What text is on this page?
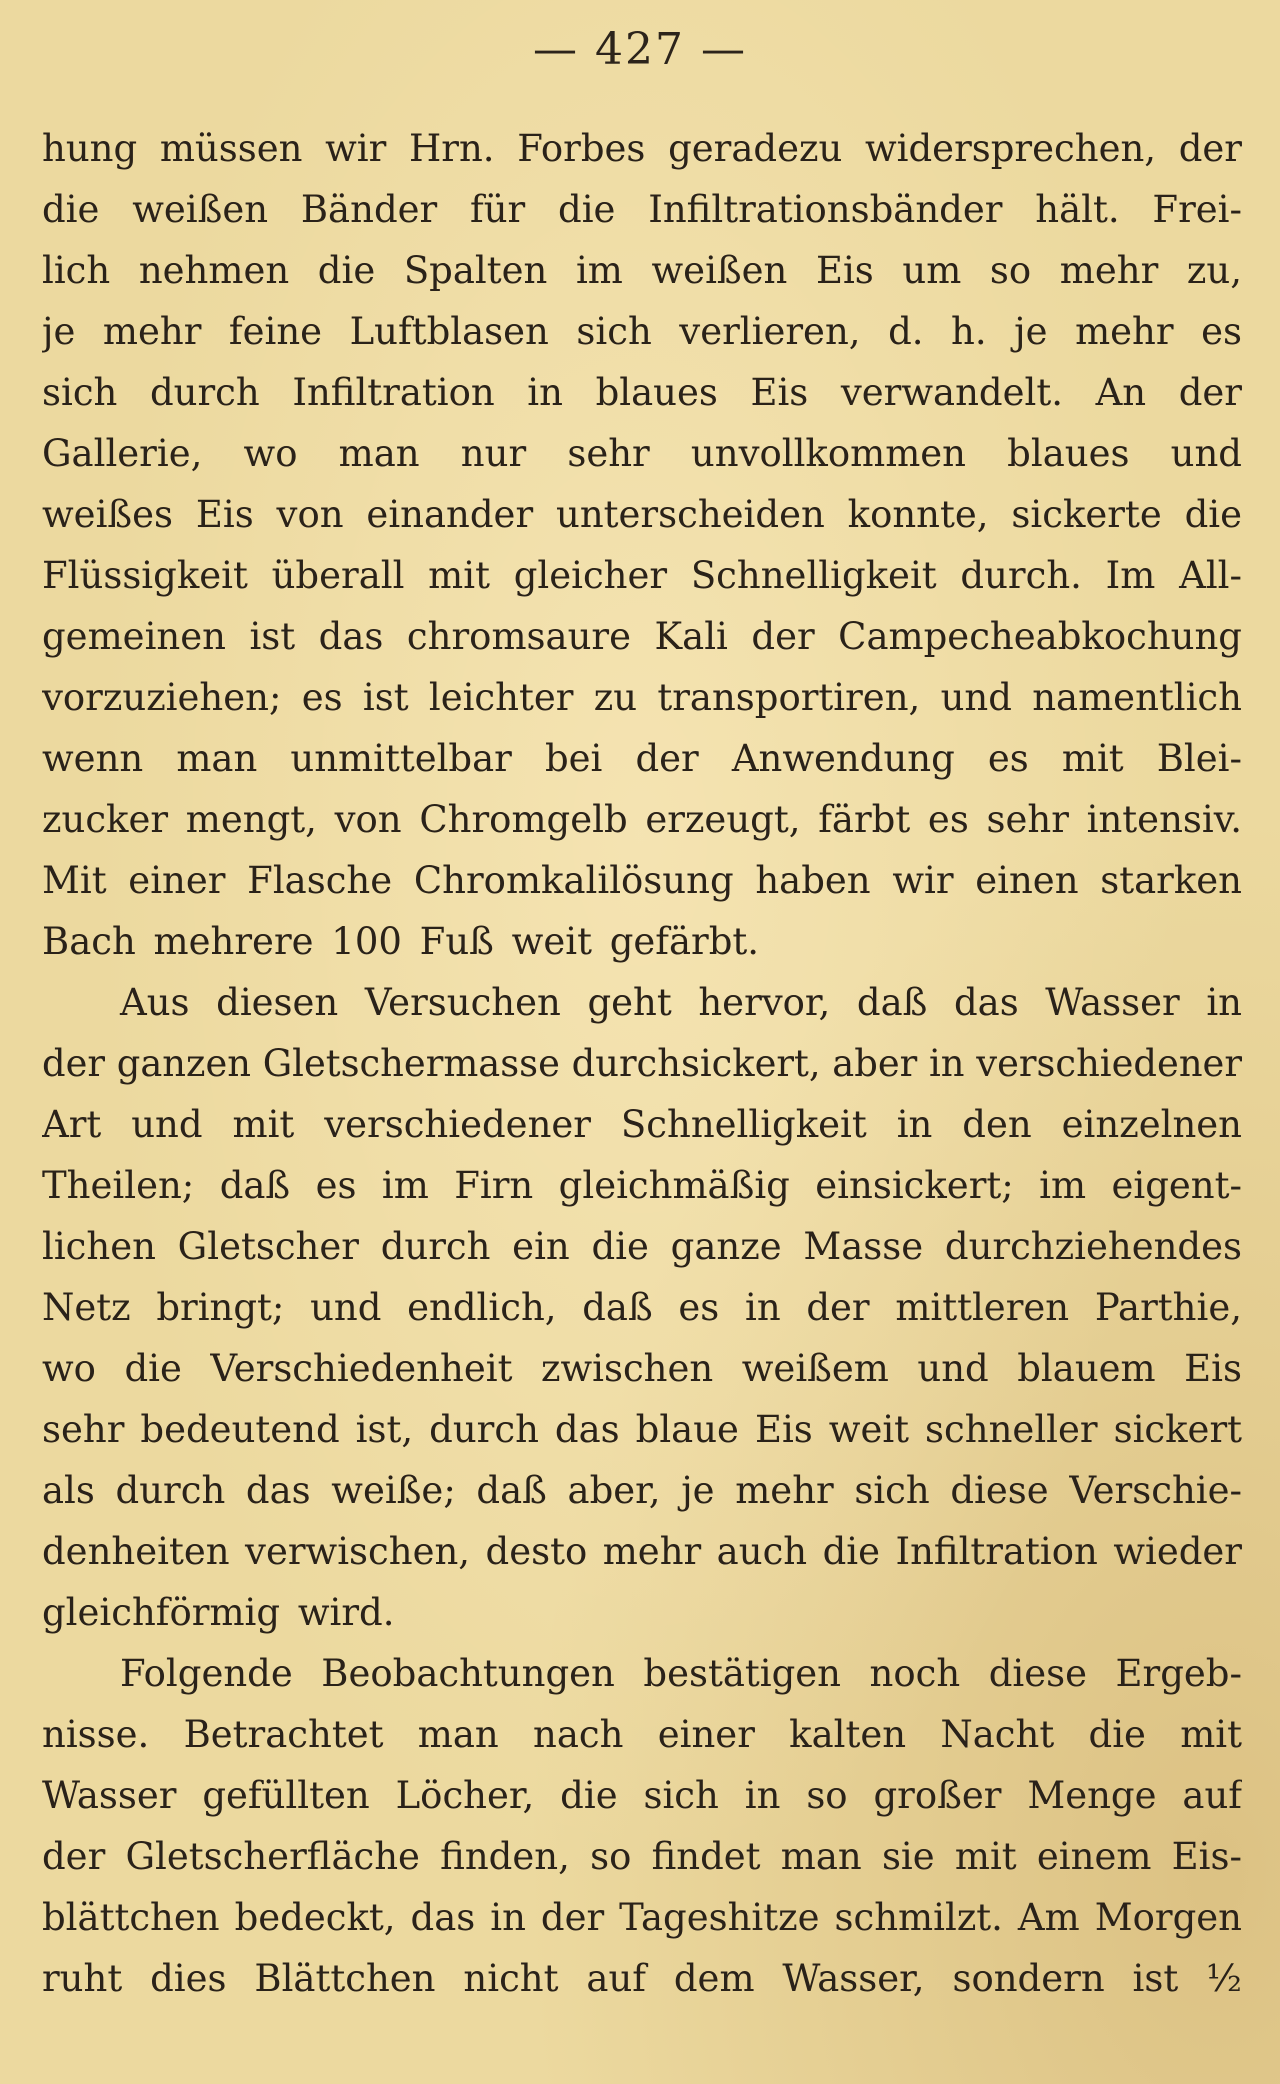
— 427 —
hung müssen wir Hrn. Forbes geradezu widersprechen, der
die weißen Bänder für die Infiltrationsbänder hält. Frei-
lich nehmen die Spalten im weißen Eis um so mehr zu,
je mehr feine Luftblasen sich verlieren, d. h. je mehr es
sich durch Infiltration in blaues Eis verwandelt. An der
Gallerie, wo man nur sehr unvollkommen blaues und
weißes Eis von einander unterscheiden konnte, sickerte die
Flüssigkeit überall mit gleicher Schnelligkeit durch. Im All-
gemeinen ist das chromsaure Kali der Campecheabkochung
vorzuziehen; es ist leichter zu transportiren, und namentlich
wenn man unmittelbar bei der Anwendung es mit Blei-
zucker mengt, von Chromgelb erzeugt, färbt es sehr intensiv.
Mit einer Flasche Chromkalilösung haben wir einen starken
Bach mehrere 100 Fuß weit gefärbt.
Aus diesen Versuchen geht hervor, daß das Wasser in
der ganzen Gletschermasse durchsickert, aber in verschiedener
Art und mit verschiedener Schnelligkeit in den einzelnen
Theilen; daß es im Firn gleichmäßig einsickert; im eigent-
lichen Gletscher durch ein die ganze Masse durchziehendes
Netz bringt; und endlich, daß es in der mittleren Parthie,
wo die Verschiedenheit zwischen weißem und blauem Eis
sehr bedeutend ist, durch das blaue Eis weit schneller sickert
als durch das weiße; daß aber, je mehr sich diese Verschie-
denheiten verwischen, desto mehr auch die Infiltration wieder
gleichförmig wird.
Folgende Beobachtungen bestätigen noch diese Ergeb-
nisse. Betrachtet man nach einer kalten Nacht die mit
Wasser gefüllten Löcher, die sich in so großer Menge auf
der Gletscherfläche finden, so findet man sie mit einem Eis-
blättchen bedeckt, das in der Tageshitze schmilzt. Am Morgen
ruht dies Blättchen nicht auf dem Wasser, sondern ist ½
